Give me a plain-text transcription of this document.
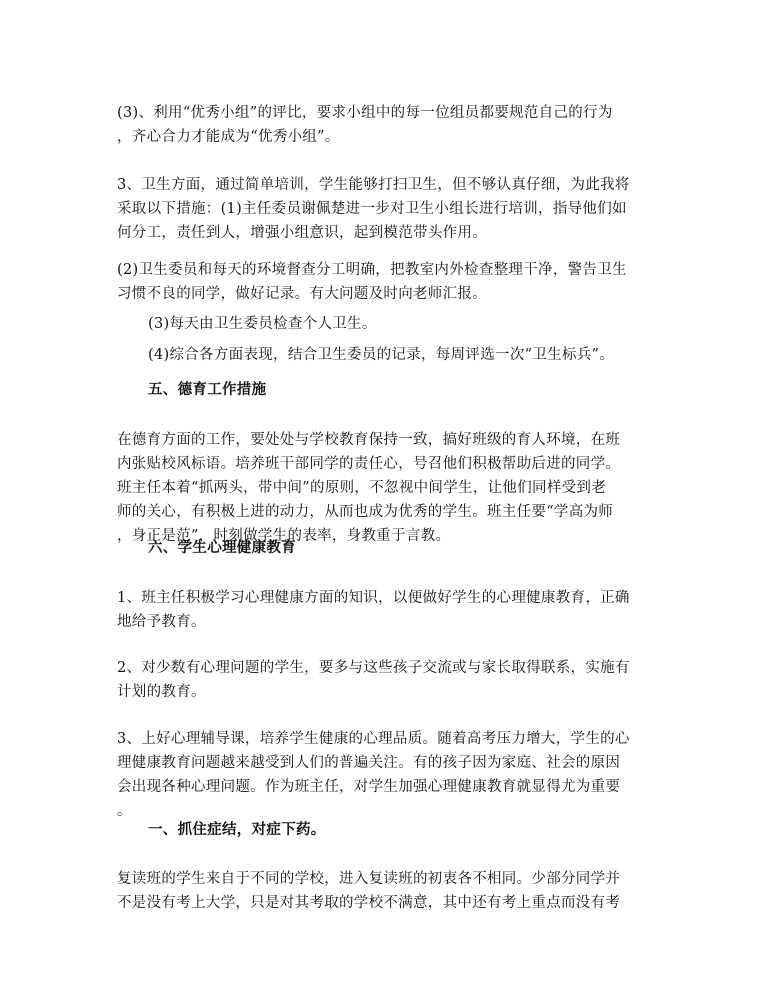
(3)、利用“优秀小组”的评比，要求小组中的每一位组员都要规范自己的行为
，齐心合力才能成为“优秀小组”。
3、卫生方面，通过简单培训，学生能够打扫卫生，但不够认真仔细，为此我将
采取以下措施：(1)主任委员谢佩楚进一步对卫生小组长进行培训，指导他们如
何分工，责任到人，增强小组意识，起到模范带头作用。
(2)卫生委员和每天的环境督查分工明确，把教室内外检查整理干净，警告卫生
习惯不良的同学，做好记录。有大问题及时向老师汇报。
(3)每天由卫生委员检查个人卫生。
(4)综合各方面表现，结合卫生委员的记录，每周评选一次“卫生标兵”。
五、德育工作措施
在德育方面的工作，要处处与学校教育保持一致，搞好班级的育人环境，在班
内张贴校风标语。培养班干部同学的责任心，号召他们积极帮助后进的同学。
班主任本着“抓两头，带中间”的原则，不忽视中间学生，让他们同样受到老
师的关心，有积极上进的动力，从而也成为优秀的学生。班主任要“学高为师
，身正是范”，时刻做学生的表率，身教重于言教。
六、学生心理健康教育
1、班主任积极学习心理健康方面的知识，以便做好学生的心理健康教育，正确
地给予教育。
2、对少数有心理问题的学生，要多与这些孩子交流或与家长取得联系，实施有
计划的教育。
3、上好心理辅导课，培养学生健康的心理品质。随着高考压力增大，学生的心
理健康教育问题越来越受到人们的普遍关注。有的孩子因为家庭、社会的原因
会出现各种心理问题。作为班主任，对学生加强心理健康教育就显得尤为重要
。
一、抓住症结，对症下药。
复读班的学生来自于不同的学校，进入复读班的初衷各不相同。少部分同学并
不是没有考上大学，只是对其考取的学校不满意，其中还有考上重点而没有考
